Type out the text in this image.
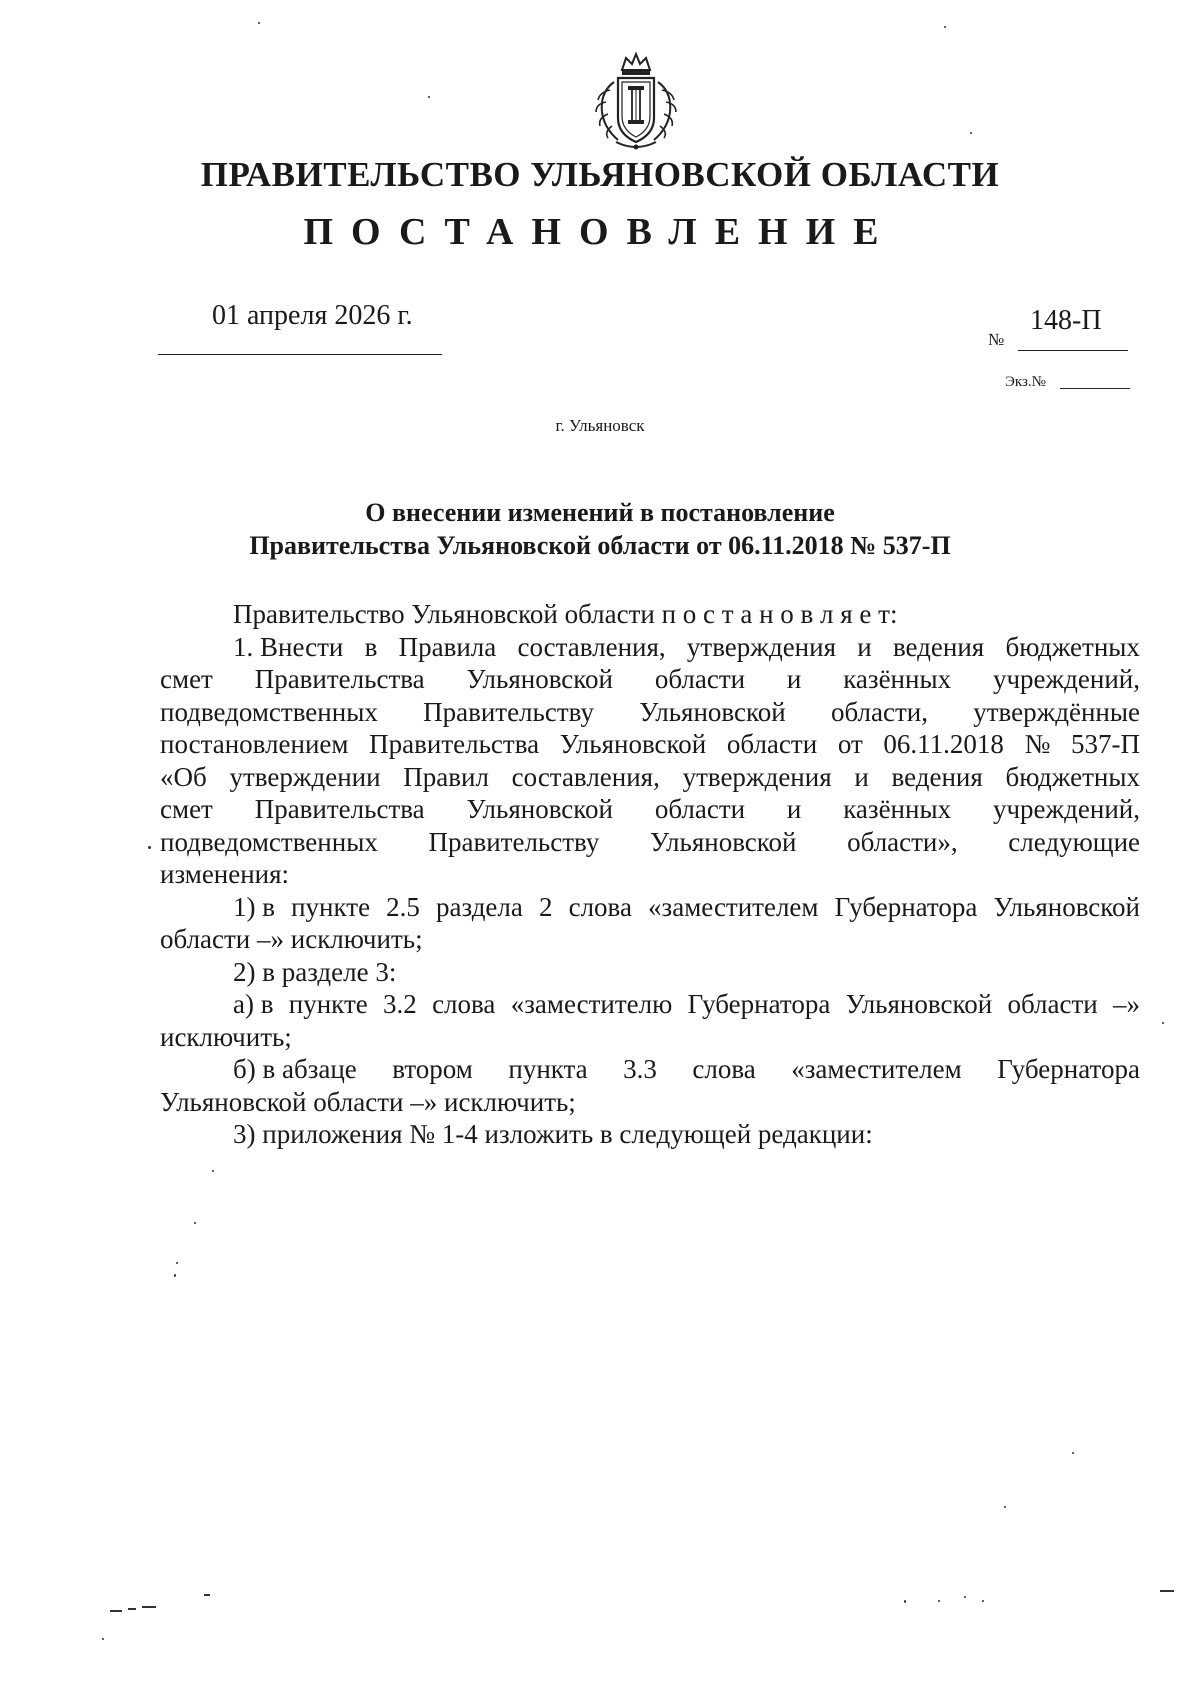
ПРАВИТЕЛЬСТВО УЛЬЯНОВСКОЙ ОБЛАСТИ
ПОСТАНОВЛЕНИЕ
01 апреля 2026 г.	148-П
№
Экз.№
г. Ульяновск
О внесении изменений в постановление
Правительства Ульяновской области от 06.11.2018 № 537-П
Правительство Ульяновской области п о с т а н о в л я е т:
1. Внести в Правила составления, утверждения и ведения бюджетных
смет Правительства Ульяновской области и казённых учреждений,
подведомственных Правительству Ульяновской области, утверждённые
постановлением Правительства Ульяновской области от 06.11.2018 № 537-П
«Об утверждении Правил составления, утверждения и ведения бюджетных
смет Правительства Ульяновской области и казённых учреждений,
подведомственных Правительству Ульяновской области», следующие
изменения:
1) в пункте 2.5 раздела 2 слова «заместителем Губернатора Ульяновской
области –» исключить;
2) в разделе 3:
а) в пункте 3.2 слова «заместителю Губернатора Ульяновской области –»
исключить;
б) в абзаце втором пункта 3.3 слова «заместителем Губернатора
Ульяновской области –» исключить;
3) приложения № 1-4 изложить в следующей редакции:
